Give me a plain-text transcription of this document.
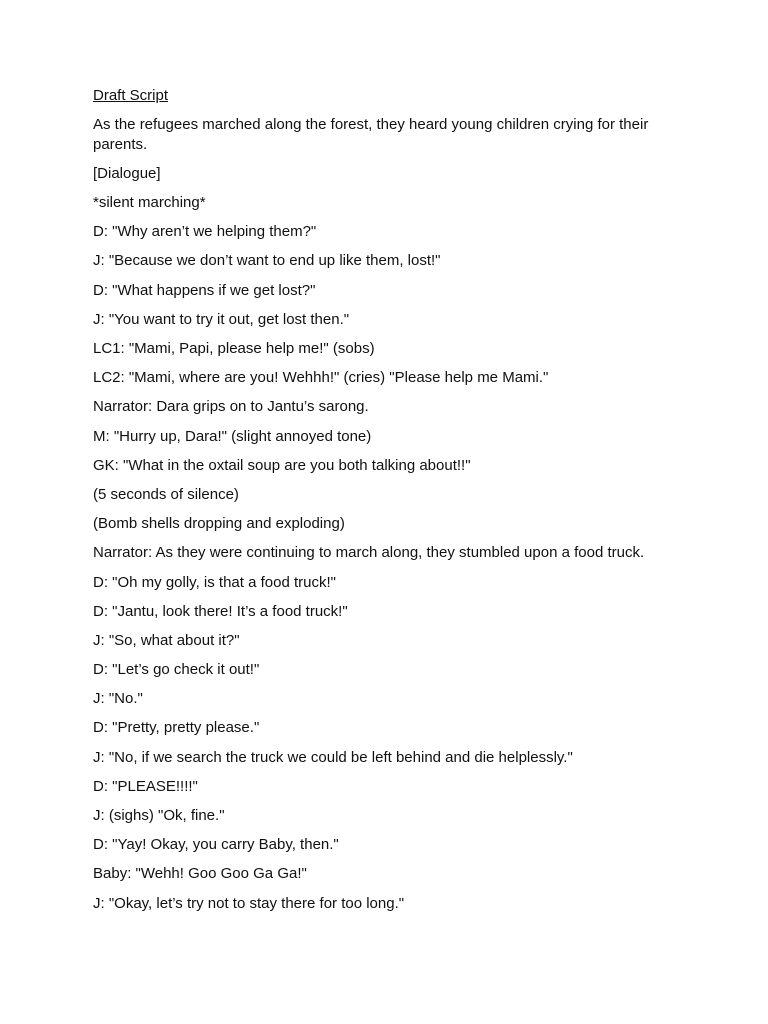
Draft Script

As the refugees marched along the forest, they heard young children crying for their parents.

[Dialogue]

*silent marching*

D: "Why aren’t we helping them?"

J: "Because we don’t want to end up like them, lost!"

D: "What happens if we get lost?"

J: "You want to try it out, get lost then."

LC1: "Mami, Papi, please help me!" (sobs)

LC2: "Mami, where are you! Wehhh!" (cries) "Please help me Mami."

Narrator: Dara grips on to Jantu’s sarong.

M: "Hurry up, Dara!" (slight annoyed tone)

GK: "What in the oxtail soup are you both talking about!!"

(5 seconds of silence)

(Bomb shells dropping and exploding)

Narrator: As they were continuing to march along, they stumbled upon a food truck.

D: "Oh my golly, is that a food truck!"

D: "Jantu, look there! It’s a food truck!"

J: "So, what about it?"

D: "Let’s go check it out!"

J: "No."

D: "Pretty, pretty please."

J: "No, if we search the truck we could be left behind and die helplessly."

D: "PLEASE!!!!"

J: (sighs) "Ok, fine."

D: "Yay! Okay, you carry Baby, then."

Baby: "Wehh! Goo Goo Ga Ga!"

J: "Okay, let’s try not to stay there for too long."
